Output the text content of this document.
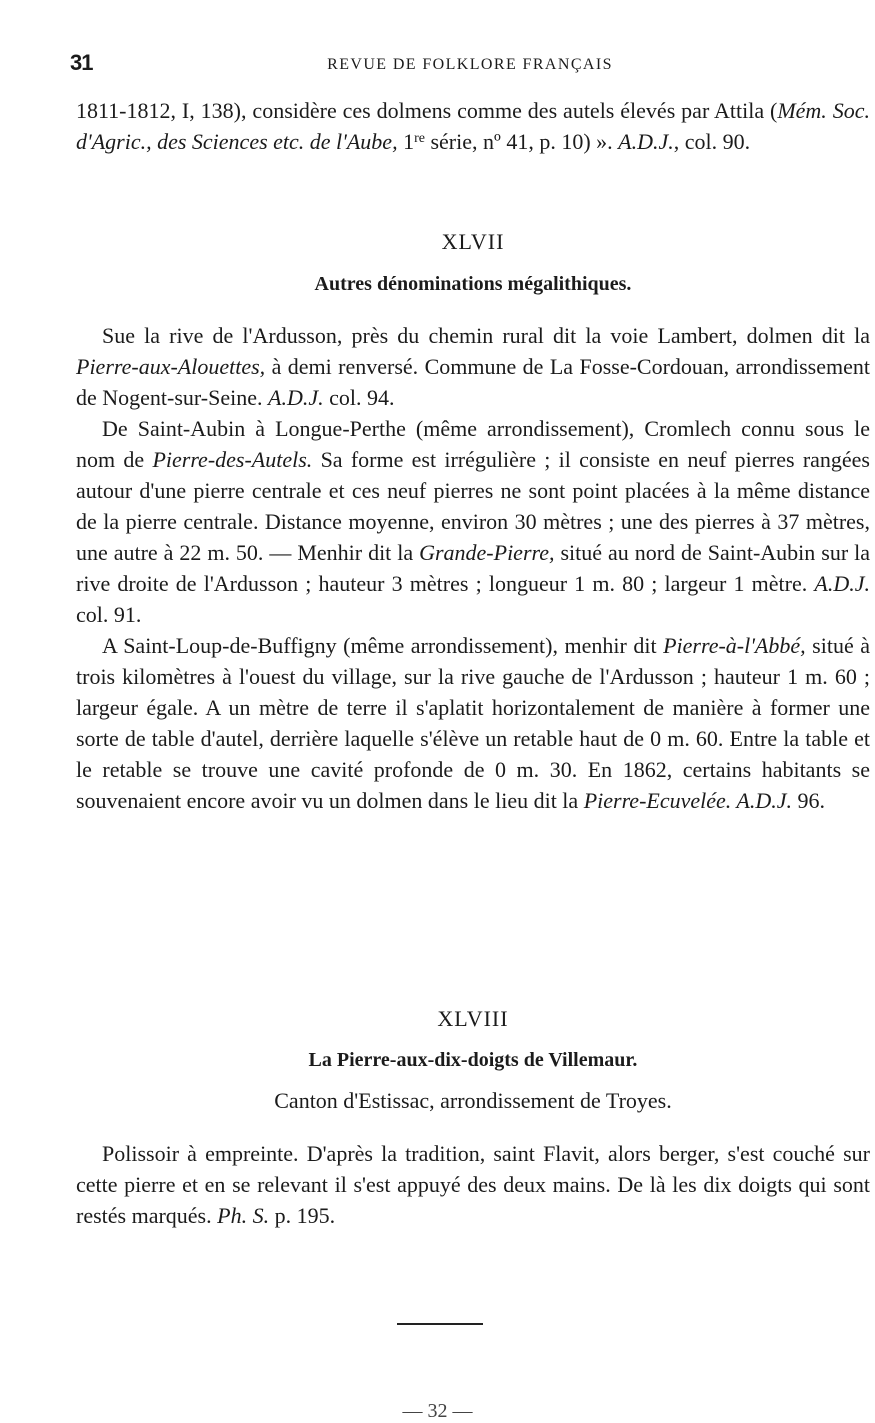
31	REVUE DE FOLKLORE FRANÇAIS

1811-1812, I, 138), considère ces dolmens comme des autels élevés par Attila (Mém. Soc. d'Agric., des Sciences etc. de l'Aube, 1re série, nº 41, p. 10) ». A.D.J., col. 90.

XLVII
Autres dénominations mégalithiques.

Sue la rive de l'Ardusson, près du chemin rural dit la voie Lambert, dolmen dit la Pierre-aux-Alouettes, à demi renversé. Commune de La Fosse-Cordouan, arrondissement de Nogent-sur-Seine. A.D.J. col. 94.

De Saint-Aubin à Longue-Perthe (même arrondissement), Cromlech connu sous le nom de Pierre-des-Autels. Sa forme est irrégulière ; il consiste en neuf pierres rangées autour d'une pierre centrale et ces neuf pierres ne sont point placées à la même distance de la pierre centrale. Distance moyenne, environ 30 mètres ; une des pierres à 37 mètres, une autre à 22 m. 50. — Menhir dit la Grande-Pierre, situé au nord de Saint-Aubin sur la rive droite de l'Ardusson ; hauteur 3 mètres ; longueur 1 m. 80 ; largeur 1 mètre. A.D.J. col. 91.

A Saint-Loup-de-Buffigny (même arrondissement), menhir dit Pierre-à-l'Abbé, situé à trois kilomètres à l'ouest du village, sur la rive gauche de l'Ardusson ; hauteur 1 m. 60 ; largeur égale. A un mètre de terre il s'aplatit horizontalement de manière à former une sorte de table d'autel, derrière laquelle s'élève un retable haut de 0 m. 60. Entre la table et le retable se trouve une cavité profonde de 0 m. 30. En 1862, certains habitants se souvenaient encore avoir vu un dolmen dans le lieu dit la Pierre-Ecuvelée. A.D.J. 96.

XLVIII
La Pierre-aux-dix-doigts de Villemaur.
Canton d'Estissac, arrondissement de Troyes.

Polissoir à empreinte. D'après la tradition, saint Flavit, alors berger, s'est couché sur cette pierre et en se relevant il s'est appuyé des deux mains. De là les dix doigts qui sont restés marqués. Ph. S. p. 195.

— 32 —
